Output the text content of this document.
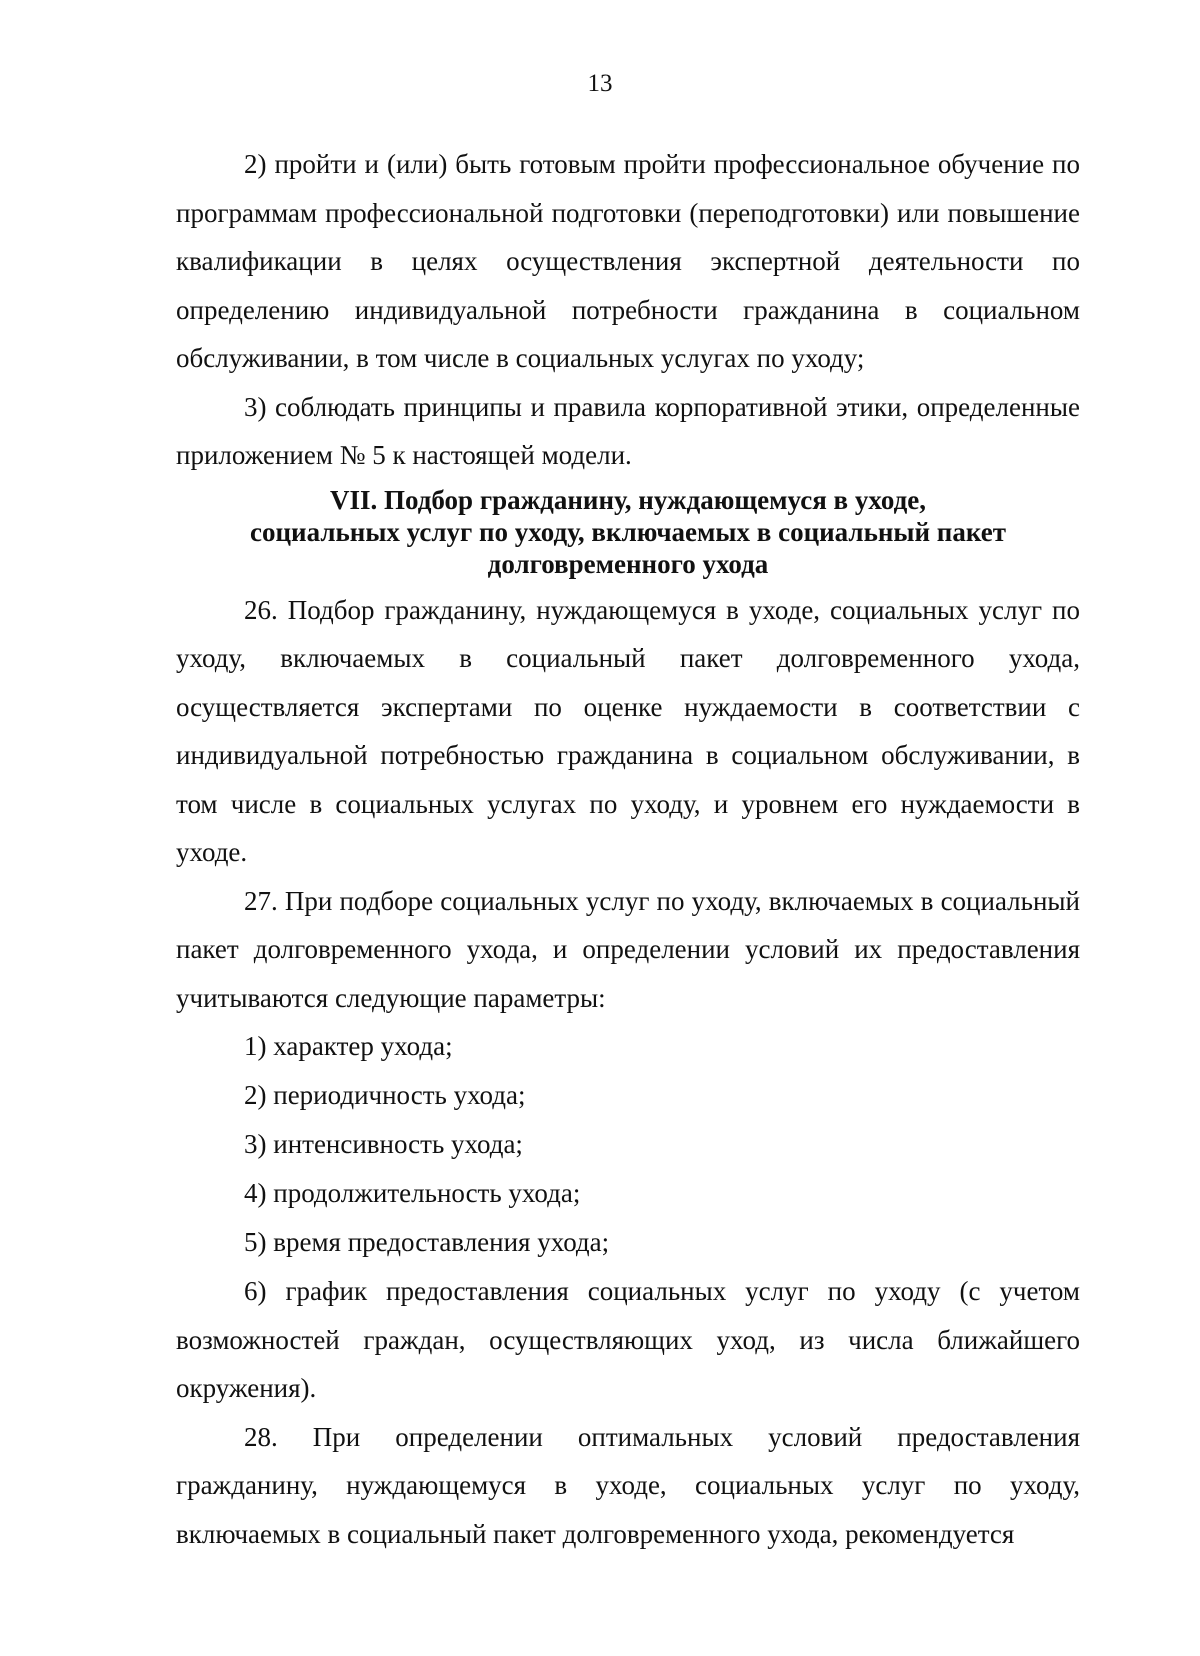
13

2) пройти и (или) быть готовым пройти профессиональное обучение по программам профессиональной подготовки (переподготовки) или повышение квалификации в целях осуществления экспертной деятельности по определению индивидуальной потребности гражданина в социальном обслуживании, в том числе в социальных услугах по уходу;

3) соблюдать принципы и правила корпоративной этики, определенные приложением № 5 к настоящей модели.

VII. Подбор гражданину, нуждающемуся в уходе,
социальных услуг по уходу, включаемых в социальный пакет
долговременного ухода

26. Подбор гражданину, нуждающемуся в уходе, социальных услуг по уходу, включаемых в социальный пакет долговременного ухода, осуществляется экспертами по оценке нуждаемости в соответствии с индивидуальной потребностью гражданина в социальном обслуживании, в том числе в социальных услугах по уходу, и уровнем его нуждаемости в уходе.

27. При подборе социальных услуг по уходу, включаемых в социальный пакет долговременного ухода, и определении условий их предоставления учитываются следующие параметры:

1) характер ухода;

2) периодичность ухода;

3) интенсивность ухода;

4) продолжительность ухода;

5) время предоставления ухода;

6) график предоставления социальных услуг по уходу (с учетом возможностей граждан, осуществляющих уход, из числа ближайшего окружения).

28. При определении оптимальных условий предоставления гражданину, нуждающемуся в уходе, социальных услуг по уходу, включаемых в социальный пакет долговременного ухода, рекомендуется
